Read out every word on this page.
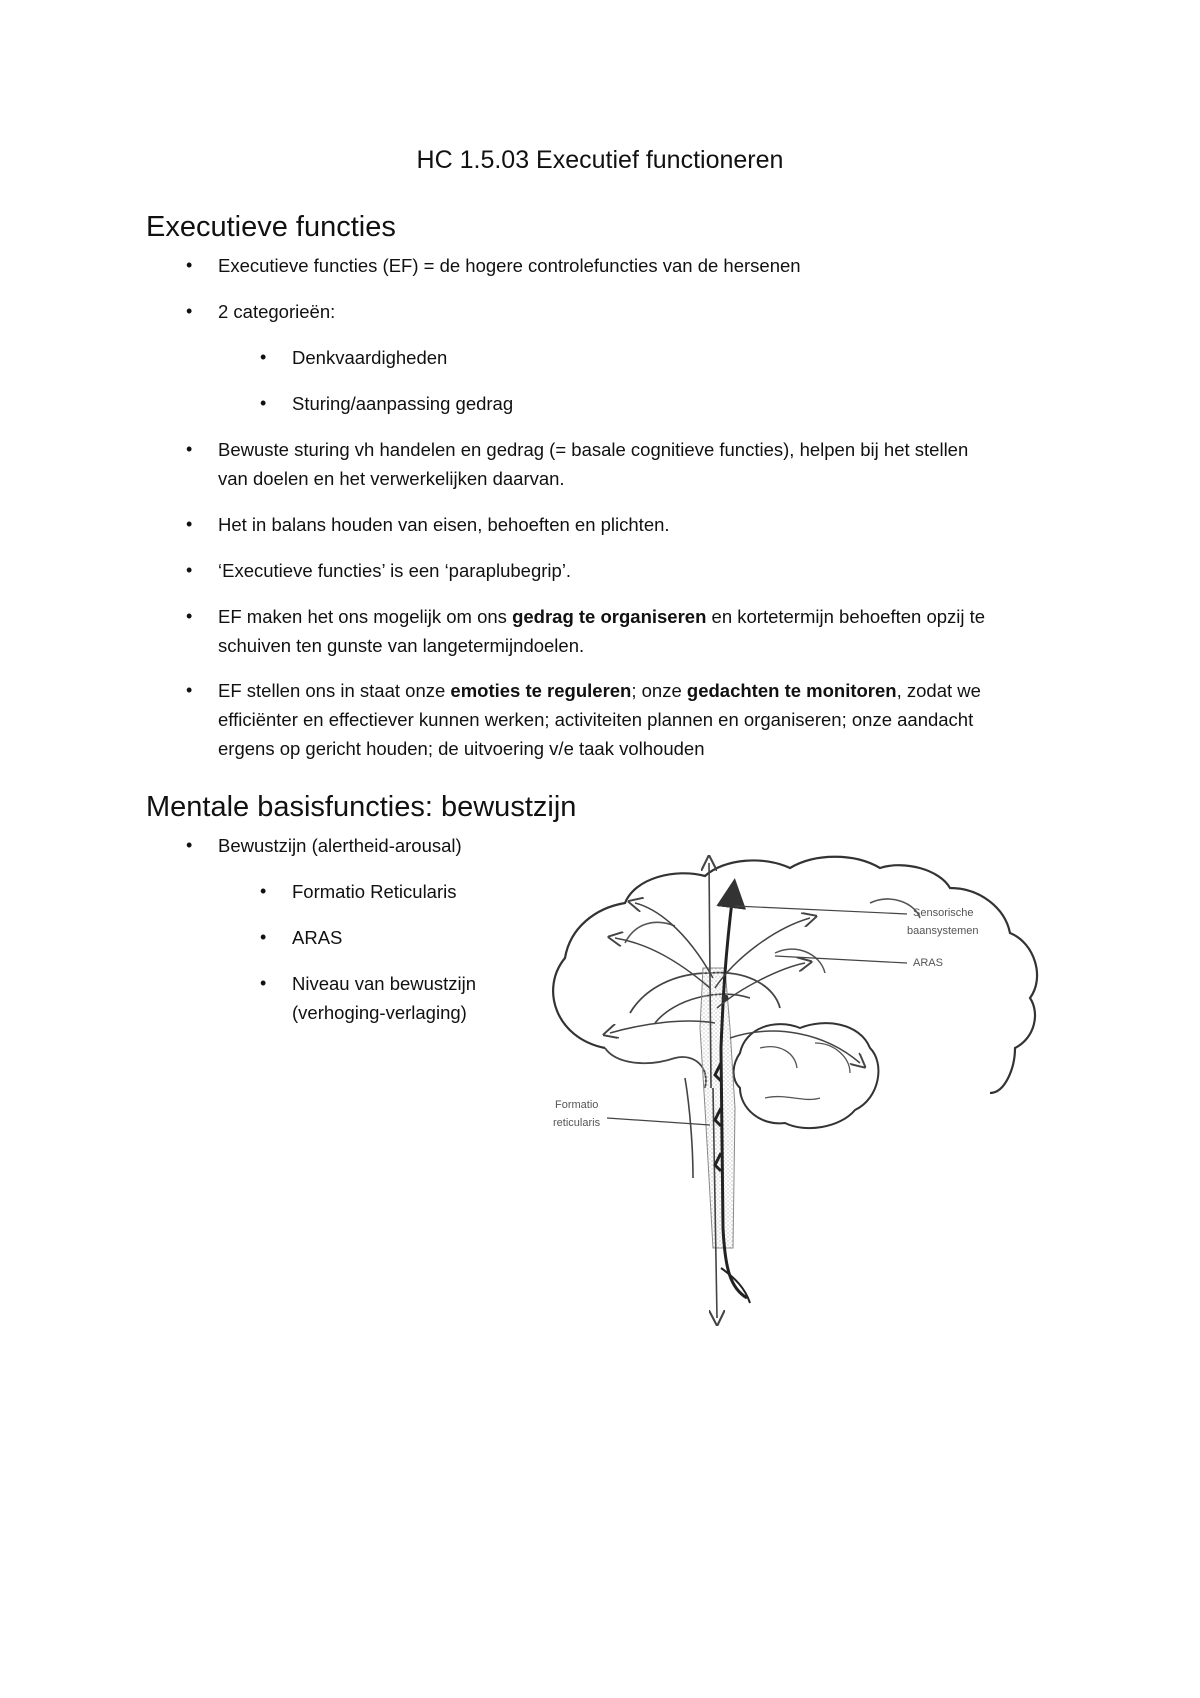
HC 1.5.03 Executief functioneren
Executieve functies
• Executieve functies (EF) = de hogere controlefuncties van de hersenen
• 2 categorieën:
• Denkvaardigheden
• Sturing/aanpassing gedrag
• Bewuste sturing vh handelen en gedrag (= basale cognitieve functies), helpen bij het stellen
van doelen en het verwerkelijken daarvan.
• Het in balans houden van eisen, behoeften en plichten.
• ‘Executieve functies’ is een ‘paraplubegrip’.
• EF maken het ons mogelijk om ons gedrag te organiseren en kortetermijn behoeften opzij te
schuiven ten gunste van langetermijndoelen.
• EF stellen ons in staat onze emoties te reguleren; onze gedachten te monitoren, zodat we
efficiënter en effectiever kunnen werken; activiteiten plannen en organiseren; onze aandacht
ergens op gericht houden; de uitvoering v/e taak volhouden
Mentale basisfuncties: bewustzijn
• Bewustzijn (alertheid-arousal)
• Formatio Reticularis
• ARAS
• Niveau van bewustzijn
(verhoging-verlaging)
Sensorische
baansystemen
ARAS
Formatio
reticularis
